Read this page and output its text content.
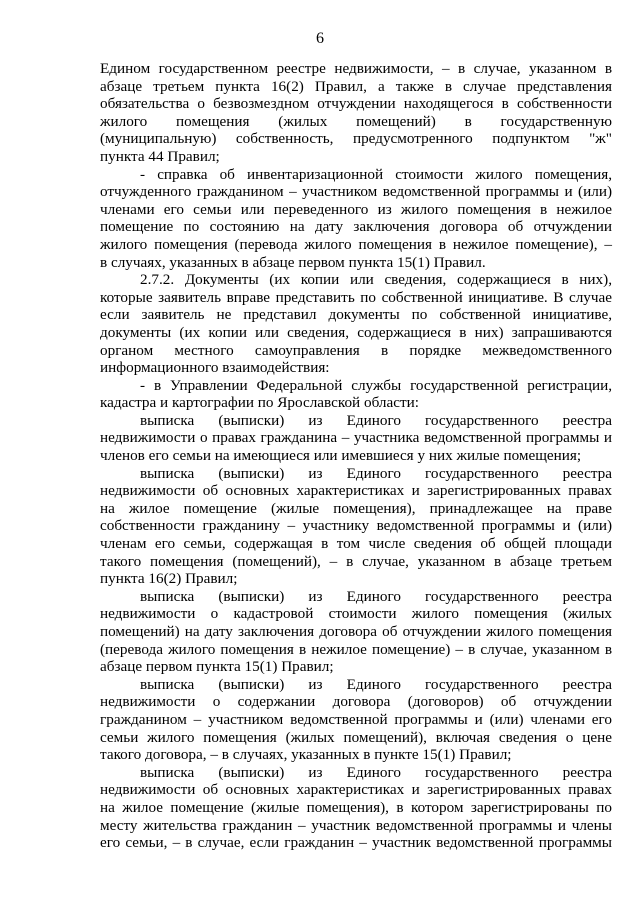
6
Едином государственном реестре недвижимости, – в случае, указанном в
абзаце третьем пункта 16(2) Правил, а также в случае представления
обязательства о безвозмездном отчуждении находящегося в собственности
жилого помещения (жилых помещений) в государственную
(муниципальную) собственность, предусмотренного подпунктом "ж"
пункта 44 Правил;
- справка об инвентаризационной стоимости жилого помещения,
отчужденного гражданином – участником ведомственной программы и (или)
членами его семьи или переведенного из жилого помещения в нежилое
помещение по состоянию на дату заключения договора об отчуждении
жилого помещения (перевода жилого помещения в нежилое помещение), –
в случаях, указанных в абзаце первом пункта 15(1) Правил.
2.7.2. Документы (их копии или сведения, содержащиеся в них),
которые заявитель вправе представить по собственной инициативе. В случае
если заявитель не представил документы по собственной инициативе,
документы (их копии или сведения, содержащиеся в них) запрашиваются
органом местного самоуправления в порядке межведомственного
информационного взаимодействия:
- в Управлении Федеральной службы государственной регистрации,
кадастра и картографии по Ярославской области:
выписка (выписки) из Единого государственного реестра
недвижимости о правах гражданина – участника ведомственной программы и
членов его семьи на имеющиеся или имевшиеся у них жилые помещения;
выписка (выписки) из Единого государственного реестра
недвижимости об основных характеристиках и зарегистрированных правах
на жилое помещение (жилые помещения), принадлежащее на праве
собственности гражданину – участнику ведомственной программы и (или)
членам его семьи, содержащая в том числе сведения об общей площади
такого помещения (помещений), – в случае, указанном в абзаце третьем
пункта 16(2) Правил;
выписка (выписки) из Единого государственного реестра
недвижимости о кадастровой стоимости жилого помещения (жилых
помещений) на дату заключения договора об отчуждении жилого помещения
(перевода жилого помещения в нежилое помещение) – в случае, указанном в
абзаце первом пункта 15(1) Правил;
выписка (выписки) из Единого государственного реестра
недвижимости о содержании договора (договоров) об отчуждении
гражданином – участником ведомственной программы и (или) членами его
семьи жилого помещения (жилых помещений), включая сведения о цене
такого договора, – в случаях, указанных в пункте 15(1) Правил;
выписка (выписки) из Единого государственного реестра
недвижимости об основных характеристиках и зарегистрированных правах
на жилое помещение (жилые помещения), в котором зарегистрированы по
месту жительства гражданин – участник ведомственной программы и члены
его семьи, – в случае, если гражданин – участник ведомственной программы
